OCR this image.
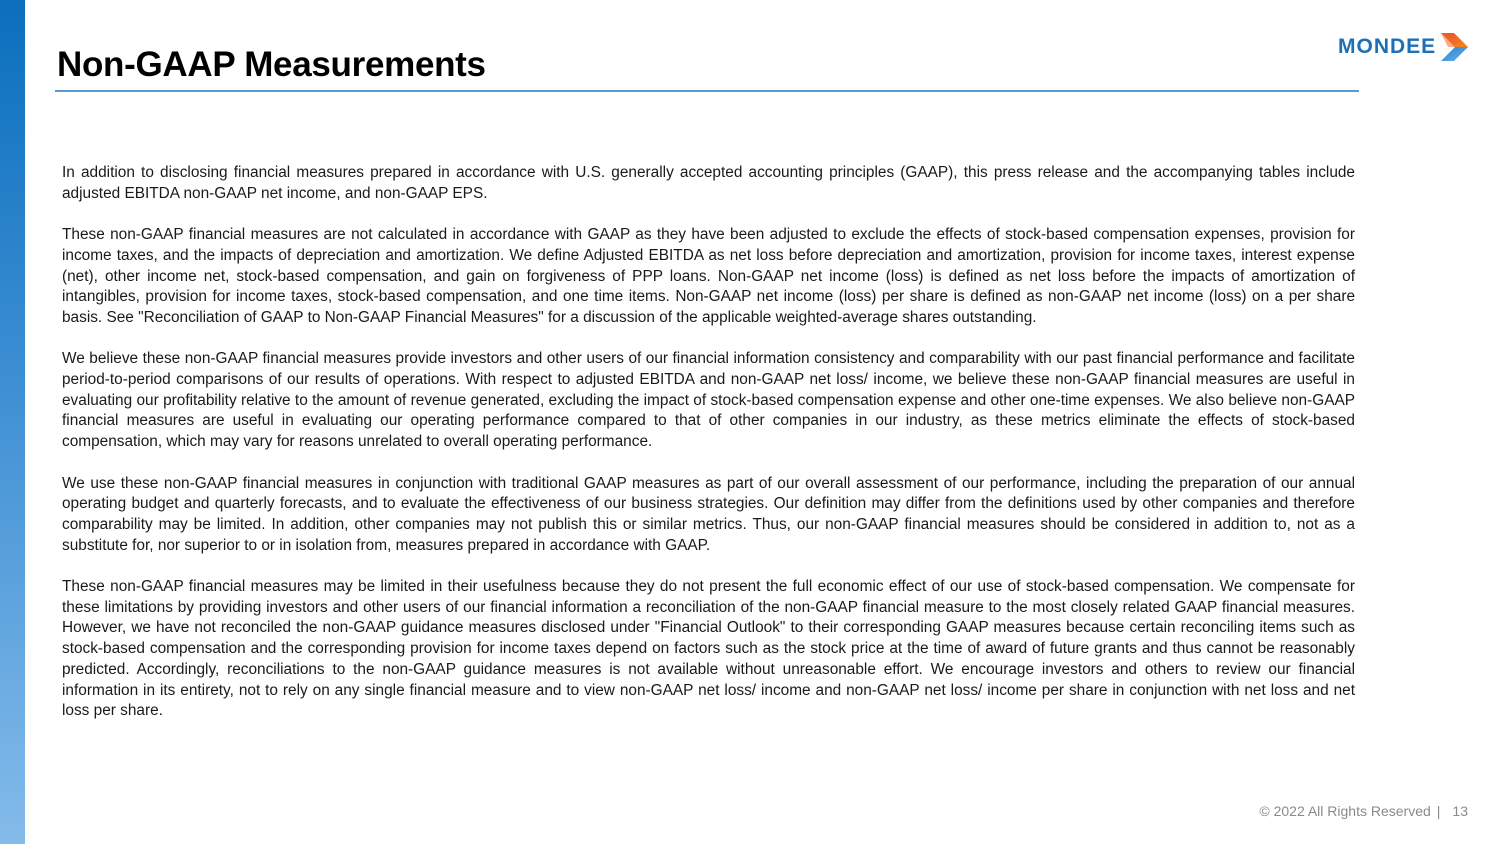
Non-GAAP Measurements	MONDEE

In addition to disclosing financial measures prepared in accordance with U.S. generally accepted accounting principles (GAAP), this press release and the accompanying tables include adjusted EBITDA non-GAAP net income, and non-GAAP EPS.

These non-GAAP financial measures are not calculated in accordance with GAAP as they have been adjusted to exclude the effects of stock-based compensation expenses, provision for income taxes, and the impacts of depreciation and amortization. We define Adjusted EBITDA as net loss before depreciation and amortization, provision for income taxes, interest expense (net), other income net, stock-based compensation, and gain on forgiveness of PPP loans. Non-GAAP net income (loss) is defined as net loss before the impacts of amortization of intangibles, provision for income taxes, stock-based compensation, and one time items. Non-GAAP net income (loss) per share is defined as non-GAAP net income (loss) on a per share basis. See "Reconciliation of GAAP to Non-GAAP Financial Measures" for a discussion of the applicable weighted-average shares outstanding.

We believe these non-GAAP financial measures provide investors and other users of our financial information consistency and comparability with our past financial performance and facilitate period-to-period comparisons of our results of operations. With respect to adjusted EBITDA and non-GAAP net loss/ income, we believe these non-GAAP financial measures are useful in evaluating our profitability relative to the amount of revenue generated, excluding the impact of stock-based compensation expense and other one-time expenses. We also believe non-GAAP financial measures are useful in evaluating our operating performance compared to that of other companies in our industry, as these metrics eliminate the effects of stock-based compensation, which may vary for reasons unrelated to overall operating performance.

We use these non-GAAP financial measures in conjunction with traditional GAAP measures as part of our overall assessment of our performance, including the preparation of our annual operating budget and quarterly forecasts, and to evaluate the effectiveness of our business strategies. Our definition may differ from the definitions used by other companies and therefore comparability may be limited. In addition, other companies may not publish this or similar metrics. Thus, our non-GAAP financial measures should be considered in addition to, not as a substitute for, nor superior to or in isolation from, measures prepared in accordance with GAAP.

These non-GAAP financial measures may be limited in their usefulness because they do not present the full economic effect of our use of stock-based compensation. We compensate for these limitations by providing investors and other users of our financial information a reconciliation of the non-GAAP financial measure to the most closely related GAAP financial measures. However, we have not reconciled the non-GAAP guidance measures disclosed under "Financial Outlook" to their corresponding GAAP measures because certain reconciling items such as stock-based compensation and the corresponding provision for income taxes depend on factors such as the stock price at the time of award of future grants and thus cannot be reasonably predicted. Accordingly, reconciliations to the non-GAAP guidance measures is not available without unreasonable effort. We encourage investors and others to review our financial information in its entirety, not to rely on any single financial measure and to view non-GAAP net loss/ income and non-GAAP net loss/ income per share in conjunction with net loss and net loss per share.

© 2022 All Rights Reserved | 13
